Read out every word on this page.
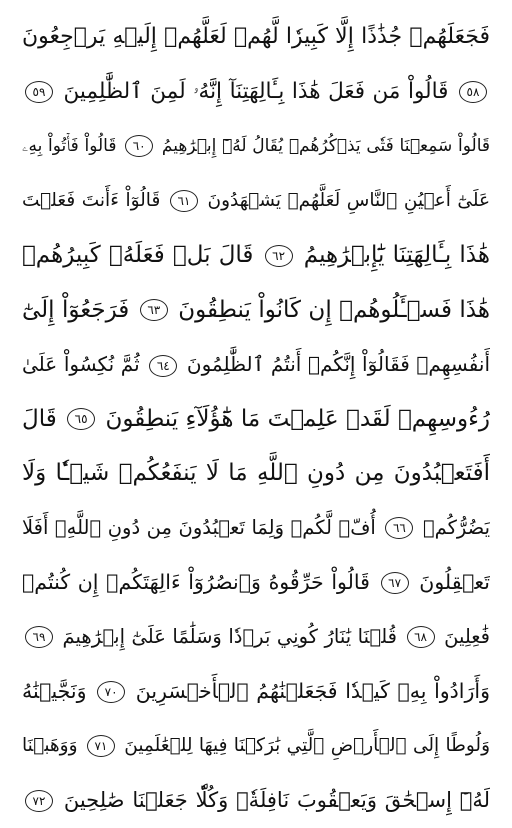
فَجَعَلَهُمۡ جُذَٰذًا إِلَّا كَبِيرٗا لَّهُمۡ لَعَلَّهُمۡ إِلَيۡهِ يَرۡجِعُونَ
٥٨ قَالُواْ مَن فَعَلَ هَٰذَا بِـَٔالِهَتِنَآ إِنَّهُۥ لَمِنَ ٱلظَّٰلِمِينَ ٥٩
قَالُواْ سَمِعۡنَا فَتٗى يَذۡكُرُهُمۡ يُقَالُ لَهُۥٓ إِبۡرَٰهِيمُ ٦٠ قَالُواْ فَأۡتُواْ بِهِۦ
عَلَىٰٓ أَعۡيُنِ ٱلنَّاسِ لَعَلَّهُمۡ يَشۡهَدُونَ ٦١ قَالُوٓاْ ءَأَنتَ فَعَلۡتَ
هَٰذَا بِـَٔالِهَتِنَا يَٰٓإِبۡرَٰهِيمُ ٦٢ قَالَ بَلۡ فَعَلَهُۥ كَبِيرُهُمۡ
هَٰذَا فَسۡـَٔلُوهُمۡ إِن كَانُواْ يَنطِقُونَ ٦٣ فَرَجَعُوٓاْ إِلَىٰٓ
أَنفُسِهِمۡ فَقَالُوٓاْ إِنَّكُمۡ أَنتُمُ ٱلظَّٰلِمُونَ ٦٤ ثُمَّ نُكِسُواْ عَلَىٰ
رُءُوسِهِمۡ لَقَدۡ عَلِمۡتَ مَا هَٰٓؤُلَآءِ يَنطِقُونَ ٦٥ قَالَ
أَفَتَعۡبُدُونَ مِن دُونِ ٱللَّهِ مَا لَا يَنفَعُكُمۡ شَيۡـٔٗا وَلَا
يَضُرُّكُمۡ ٦٦ أُفّٖ لَّكُمۡ وَلِمَا تَعۡبُدُونَ مِن دُونِ ٱللَّهِۚ أَفَلَا
تَعۡقِلُونَ ٦٧ قَالُواْ حَرِّقُوهُ وَٱنصُرُوٓاْ ءَالِهَتَكُمۡ إِن كُنتُمۡ
فَٰعِلِينَ ٦٨ قُلۡنَا يَٰنَارُ كُونِي بَرۡدٗا وَسَلَٰمًا عَلَىٰٓ إِبۡرَٰهِيمَ ٦٩
وَأَرَادُواْ بِهِۦ كَيۡدٗا فَجَعَلۡنَٰهُمُ ٱلۡأَخۡسَرِينَ ٧٠ وَنَجَّيۡنَٰهُ
وَلُوطًا إِلَى ٱلۡأَرۡضِ ٱلَّتِي بَٰرَكۡنَا فِيهَا لِلۡعَٰلَمِينَ ٧١ وَوَهَبۡنَا
لَهُۥٓ إِسۡحَٰقَ وَيَعۡقُوبَ نَافِلَةٗۖ وَكُلّٗا جَعَلۡنَا صَٰلِحِينَ ٧٢
